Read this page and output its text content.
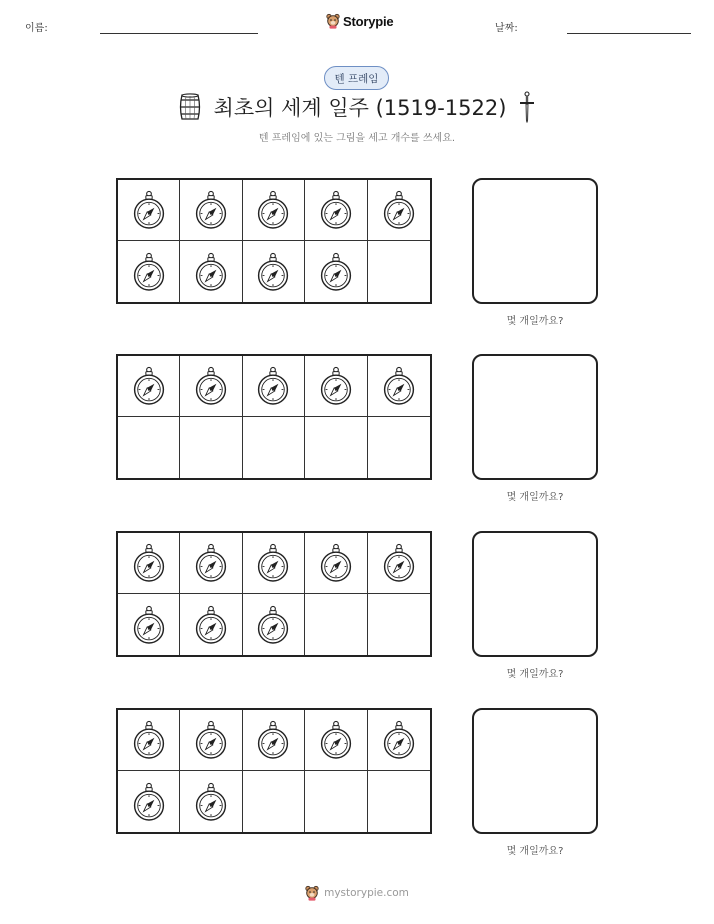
이름:	Storypie	날짜:
텐 프레임
최초의 세계 일주 (1519-1522)
텐 프레임에 있는 그림을 세고 개수를 쓰세요.
몇 개일까요?
몇 개일까요?
몇 개일까요?
몇 개일까요?
mystorypie.com
